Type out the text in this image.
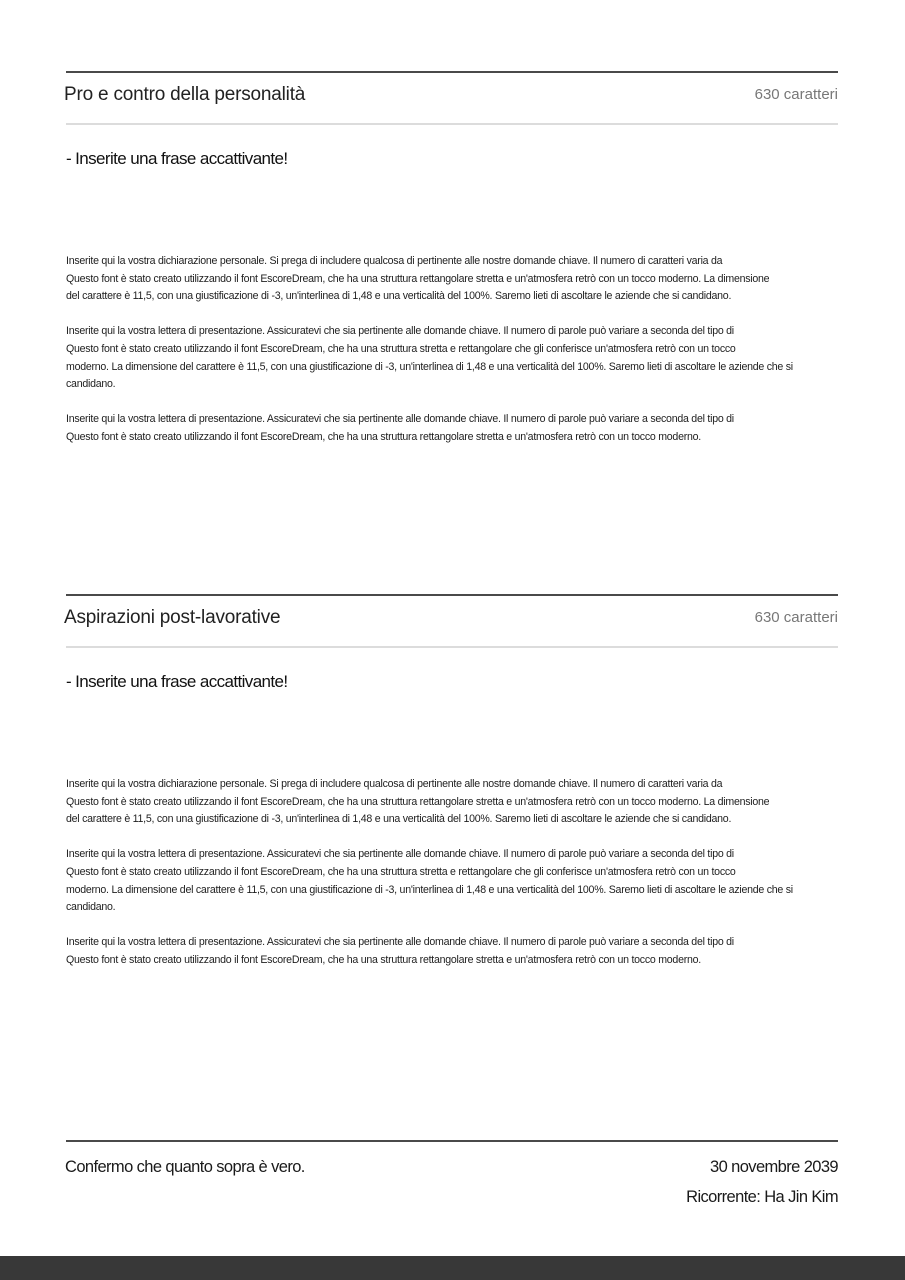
Pro e contro della personalità	630 caratteri
- Inserite una frase accattivante!
Inserite qui la vostra dichiarazione personale. Si prega di includere qualcosa di pertinente alle nostre domande chiave. Il numero di caratteri varia da
Questo font è stato creato utilizzando il font EscoreDream, che ha una struttura rettangolare stretta e un'atmosfera retrò con un tocco moderno. La dimensione
del carattere è 11,5, con una giustificazione di -3, un'interlinea di 1,48 e una verticalità del 100%. Saremo lieti di ascoltare le aziende che si candidano.
Inserite qui la vostra lettera di presentazione. Assicuratevi che sia pertinente alle domande chiave. Il numero di parole può variare a seconda del tipo di
Questo font è stato creato utilizzando il font EscoreDream, che ha una struttura stretta e rettangolare che gli conferisce un'atmosfera retrò con un tocco
moderno. La dimensione del carattere è 11,5, con una giustificazione di -3, un'interlinea di 1,48 e una verticalità del 100%. Saremo lieti di ascoltare le aziende che si
candidano.
Inserite qui la vostra lettera di presentazione. Assicuratevi che sia pertinente alle domande chiave. Il numero di parole può variare a seconda del tipo di
Questo font è stato creato utilizzando il font EscoreDream, che ha una struttura rettangolare stretta e un'atmosfera retrò con un tocco moderno.
Aspirazioni post-lavorative	630 caratteri
- Inserite una frase accattivante!
Inserite qui la vostra dichiarazione personale. Si prega di includere qualcosa di pertinente alle nostre domande chiave. Il numero di caratteri varia da
Questo font è stato creato utilizzando il font EscoreDream, che ha una struttura rettangolare stretta e un'atmosfera retrò con un tocco moderno. La dimensione
del carattere è 11,5, con una giustificazione di -3, un'interlinea di 1,48 e una verticalità del 100%. Saremo lieti di ascoltare le aziende che si candidano.
Inserite qui la vostra lettera di presentazione. Assicuratevi che sia pertinente alle domande chiave. Il numero di parole può variare a seconda del tipo di
Questo font è stato creato utilizzando il font EscoreDream, che ha una struttura stretta e rettangolare che gli conferisce un'atmosfera retrò con un tocco
moderno. La dimensione del carattere è 11,5, con una giustificazione di -3, un'interlinea di 1,48 e una verticalità del 100%. Saremo lieti di ascoltare le aziende che si
candidano.
Inserite qui la vostra lettera di presentazione. Assicuratevi che sia pertinente alle domande chiave. Il numero di parole può variare a seconda del tipo di
Questo font è stato creato utilizzando il font EscoreDream, che ha una struttura rettangolare stretta e un'atmosfera retrò con un tocco moderno.
Confermo che quanto sopra è vero.	30 novembre 2039
Ricorrente: Ha Jin Kim
